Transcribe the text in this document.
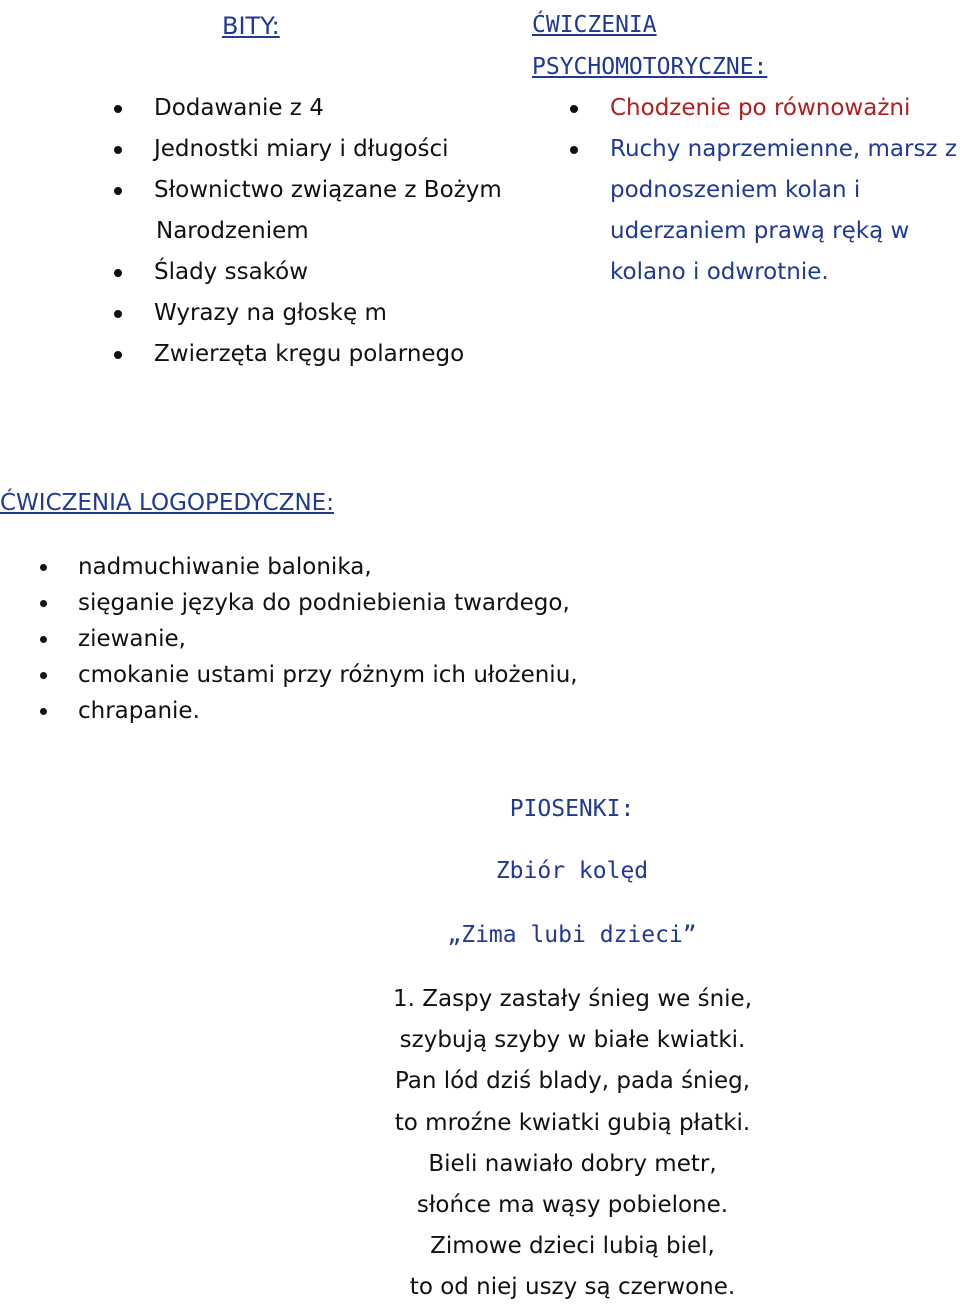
BITY:
Dodawanie z 4
Jednostki miary i długości
Słownictwo związane z Bożym
Narodzeniem
Ślady ssaków
Wyrazy na głoskę m
Zwierzęta kręgu polarnego
ĆWICZENIA
PSYCHOMOTORYCZNE:
Chodzenie po równoważni
Ruchy naprzemienne, marsz z
podnoszeniem kolan i
uderzaniem prawą ręką w
kolano i odwrotnie.
ĆWICZENIA LOGOPEDYCZNE:
nadmuchiwanie balonika,
sięganie języka do podniebienia twardego,
ziewanie,
cmokanie ustami przy różnym ich ułożeniu,
chrapanie.
PIOSENKI:
Zbiór kolęd
„Zima lubi dzieci”
1. Zaspy zastały śnieg we śnie,
szybują szyby w białe kwiatki.
Pan lód dziś blady, pada śnieg,
to mroźne kwiatki gubią płatki.
Bieli nawiało dobry metr,
słońce ma wąsy pobielone.
Zimowe dzieci lubią biel,
to od niej uszy są czerwone.
